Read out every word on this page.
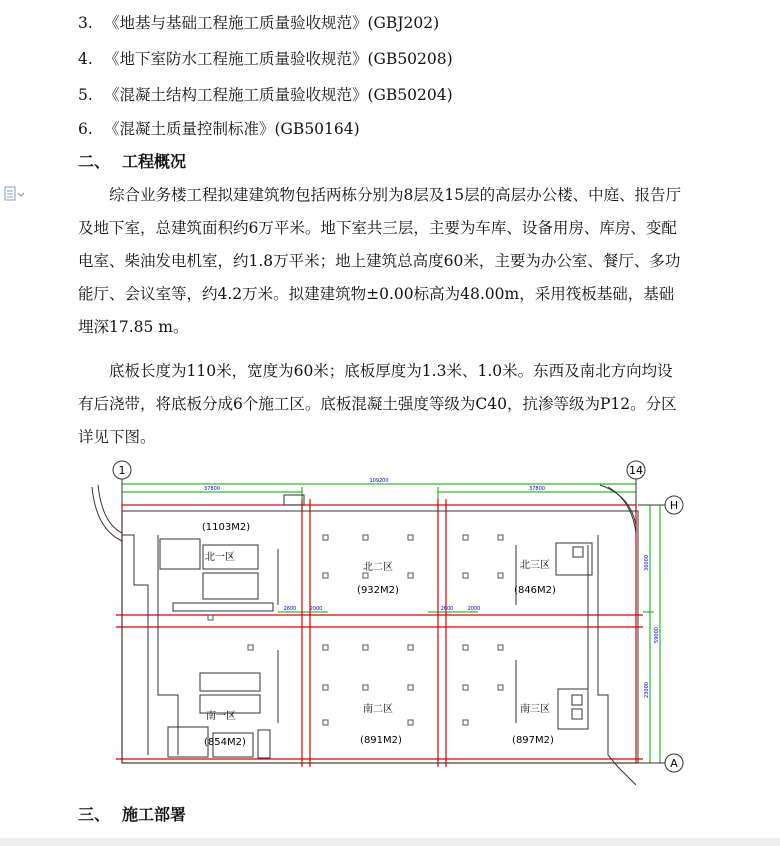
3. 《地基与基础工程施工质量验收规范》(GBJ202)
4. 《地下室防水工程施工质量验收规范》(GB50208)
5. 《混凝土结构工程施工质量验收规范》(GB50204)
6. 《混凝土质量控制标准》(GB50164)
二、 工程概况

综合业务楼工程拟建建筑物包括两栋分别为8层及15层的高层办公楼、中庭、报告厅及地下室，总建筑面积约6万平米。地下室共三层，主要为车库、设备用房、库房、变配电室、柴油发电机室，约1.8万平米；地上建筑总高度60米，主要为办公室、餐厅、多功能厅、会议室等，约4.2万米。拟建建筑物±0.00标高为48.00m，采用筏板基础，基础埋深17.85 m。

底板长度为110米，宽度为60米；底板厚度为1.3米、1.0米。东西及南北方向均设有后浇带，将底板分成6个施工区。底板混凝土强度等级为C40，抗渗等级为P12。分区详见下图。

1	14
H
A
109200
37800	37800
2600	2000	2600	2000
36000
59000
23000
北一区
(1103M2)
北二区
(932M2)
北三区
(846M2)
南一区
(854M2)
南二区
(891M2)
南三区
(897M2)
三、 施工部署
